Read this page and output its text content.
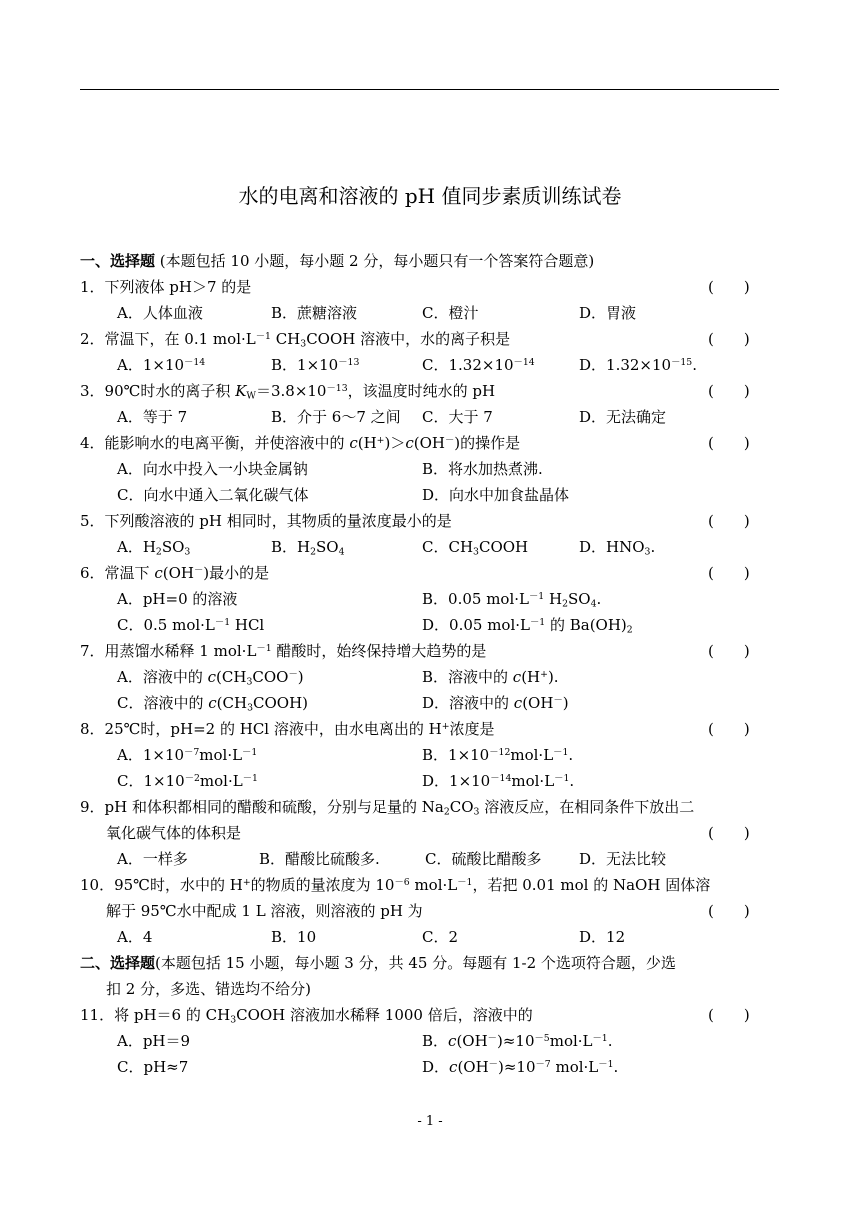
水的电离和溶液的 pH 值同步素质训练试卷
一、选择题 (本题包括 10 小题，每小题 2 分，每小题只有一个答案符合题意)
1．下列液体 pH＞7 的是	(　　)
A．人体血液	B．蔗糖溶液	C．橙汁	D．胃液
2．常温下，在 0.1 $mol\cdot L^{-1}$ $CH_3COOH$ 溶液中，水的离子积是	(　　)
A．$1\times 10^{-14}$	B．$1\times 10^{-13}$	C．$1.32\times 10^{-14}$	D．$1.32\times 10^{-15}$.
3．90℃时水的离子积 $K_W=3.8\times 10^{-13}$，该温度时纯水的 pH	(　　)
A．等于 7	B．介于 6～7 之间 C．大于 7	D．无法确定
4．能影响水的电离平衡，并使溶液中的 c(H+)＞c(OH－)的操作是	(　　)
A．向水中投入一小块金属钠	B．将水加热煮沸.
C．向水中通入二氧化碳气体	D．向水中加食盐晶体
5．下列酸溶液的 pH 相同时，其物质的量浓度最小的是	(　　)
A．$H_2SO_3$	B．$H_2SO_4$	C．$CH_3COOH$	D．$HNO_3$.
6．常温下 c(OH－)最小的是	(　　)
A．pH=0 的溶液	B．0.05 $mol\cdot L^{-1}$ $H_2SO_4$.
C．0.5 $mol\cdot L^{-1}$ HCl	D．0.05 $mol\cdot L^{-1}$ 的 $Ba(OH)_2$
7．用蒸馏水稀释 1 $mol\cdot L^{-1}$ 醋酸时，始终保持增大趋势的是	(　　)
A．溶液中的 $c(CH_3COO^-)$	B．溶液中的 c(H+).
C．溶液中的 $c(CH_3COOH)$	D．溶液中的 c(OH－)
8．25℃时，pH=2 的 HCl 溶液中，由水电离出的 H+浓度是	(　　)
A．$1\times 10^{-7}mol\cdot L^{-1}$	B．$1\times 10^{-12}mol\cdot L^{-1}$.
C．$1\times 10^{-2}mol\cdot L^{-1}$	D．$1\times 10^{-14}mol\cdot L^{-1}$.
9．pH 和体积都相同的醋酸和硫酸，分别与足量的 $Na_2CO_3$ 溶液反应，在相同条件下放出二
氧化碳气体的体积是	(　　)
A．一样多	B．醋酸比硫酸多.	C．硫酸比醋酸多	D．无法比较
10．95℃时，水中的 H+的物质的量浓度为 $10^{-6}$ $mol\cdot L^{-1}$，若把 0.01 mol 的 NaOH 固体溶
解于 95℃水中配成 1 L 溶液，则溶液的 pH 为	(　　)
A．4	B．10	C．2	D．12
二、选择题(本题包括 15 小题，每小题 3 分，共 45 分。每题有 1-2 个选项符合题，少选
扣 2 分，多选、错选均不给分)
11．将 pH＝6 的 $CH_3COOH$ 溶液加水稀释 1000 倍后，溶液中的	(　　)
A．pH＝9	B．$c(OH^-)\approx 10^{-5}mol\cdot L^{-1}$.
C．pH≈7	D．$c(OH^-)\approx 10^{-7}$ $mol\cdot L^{-1}$.
- 1 -
